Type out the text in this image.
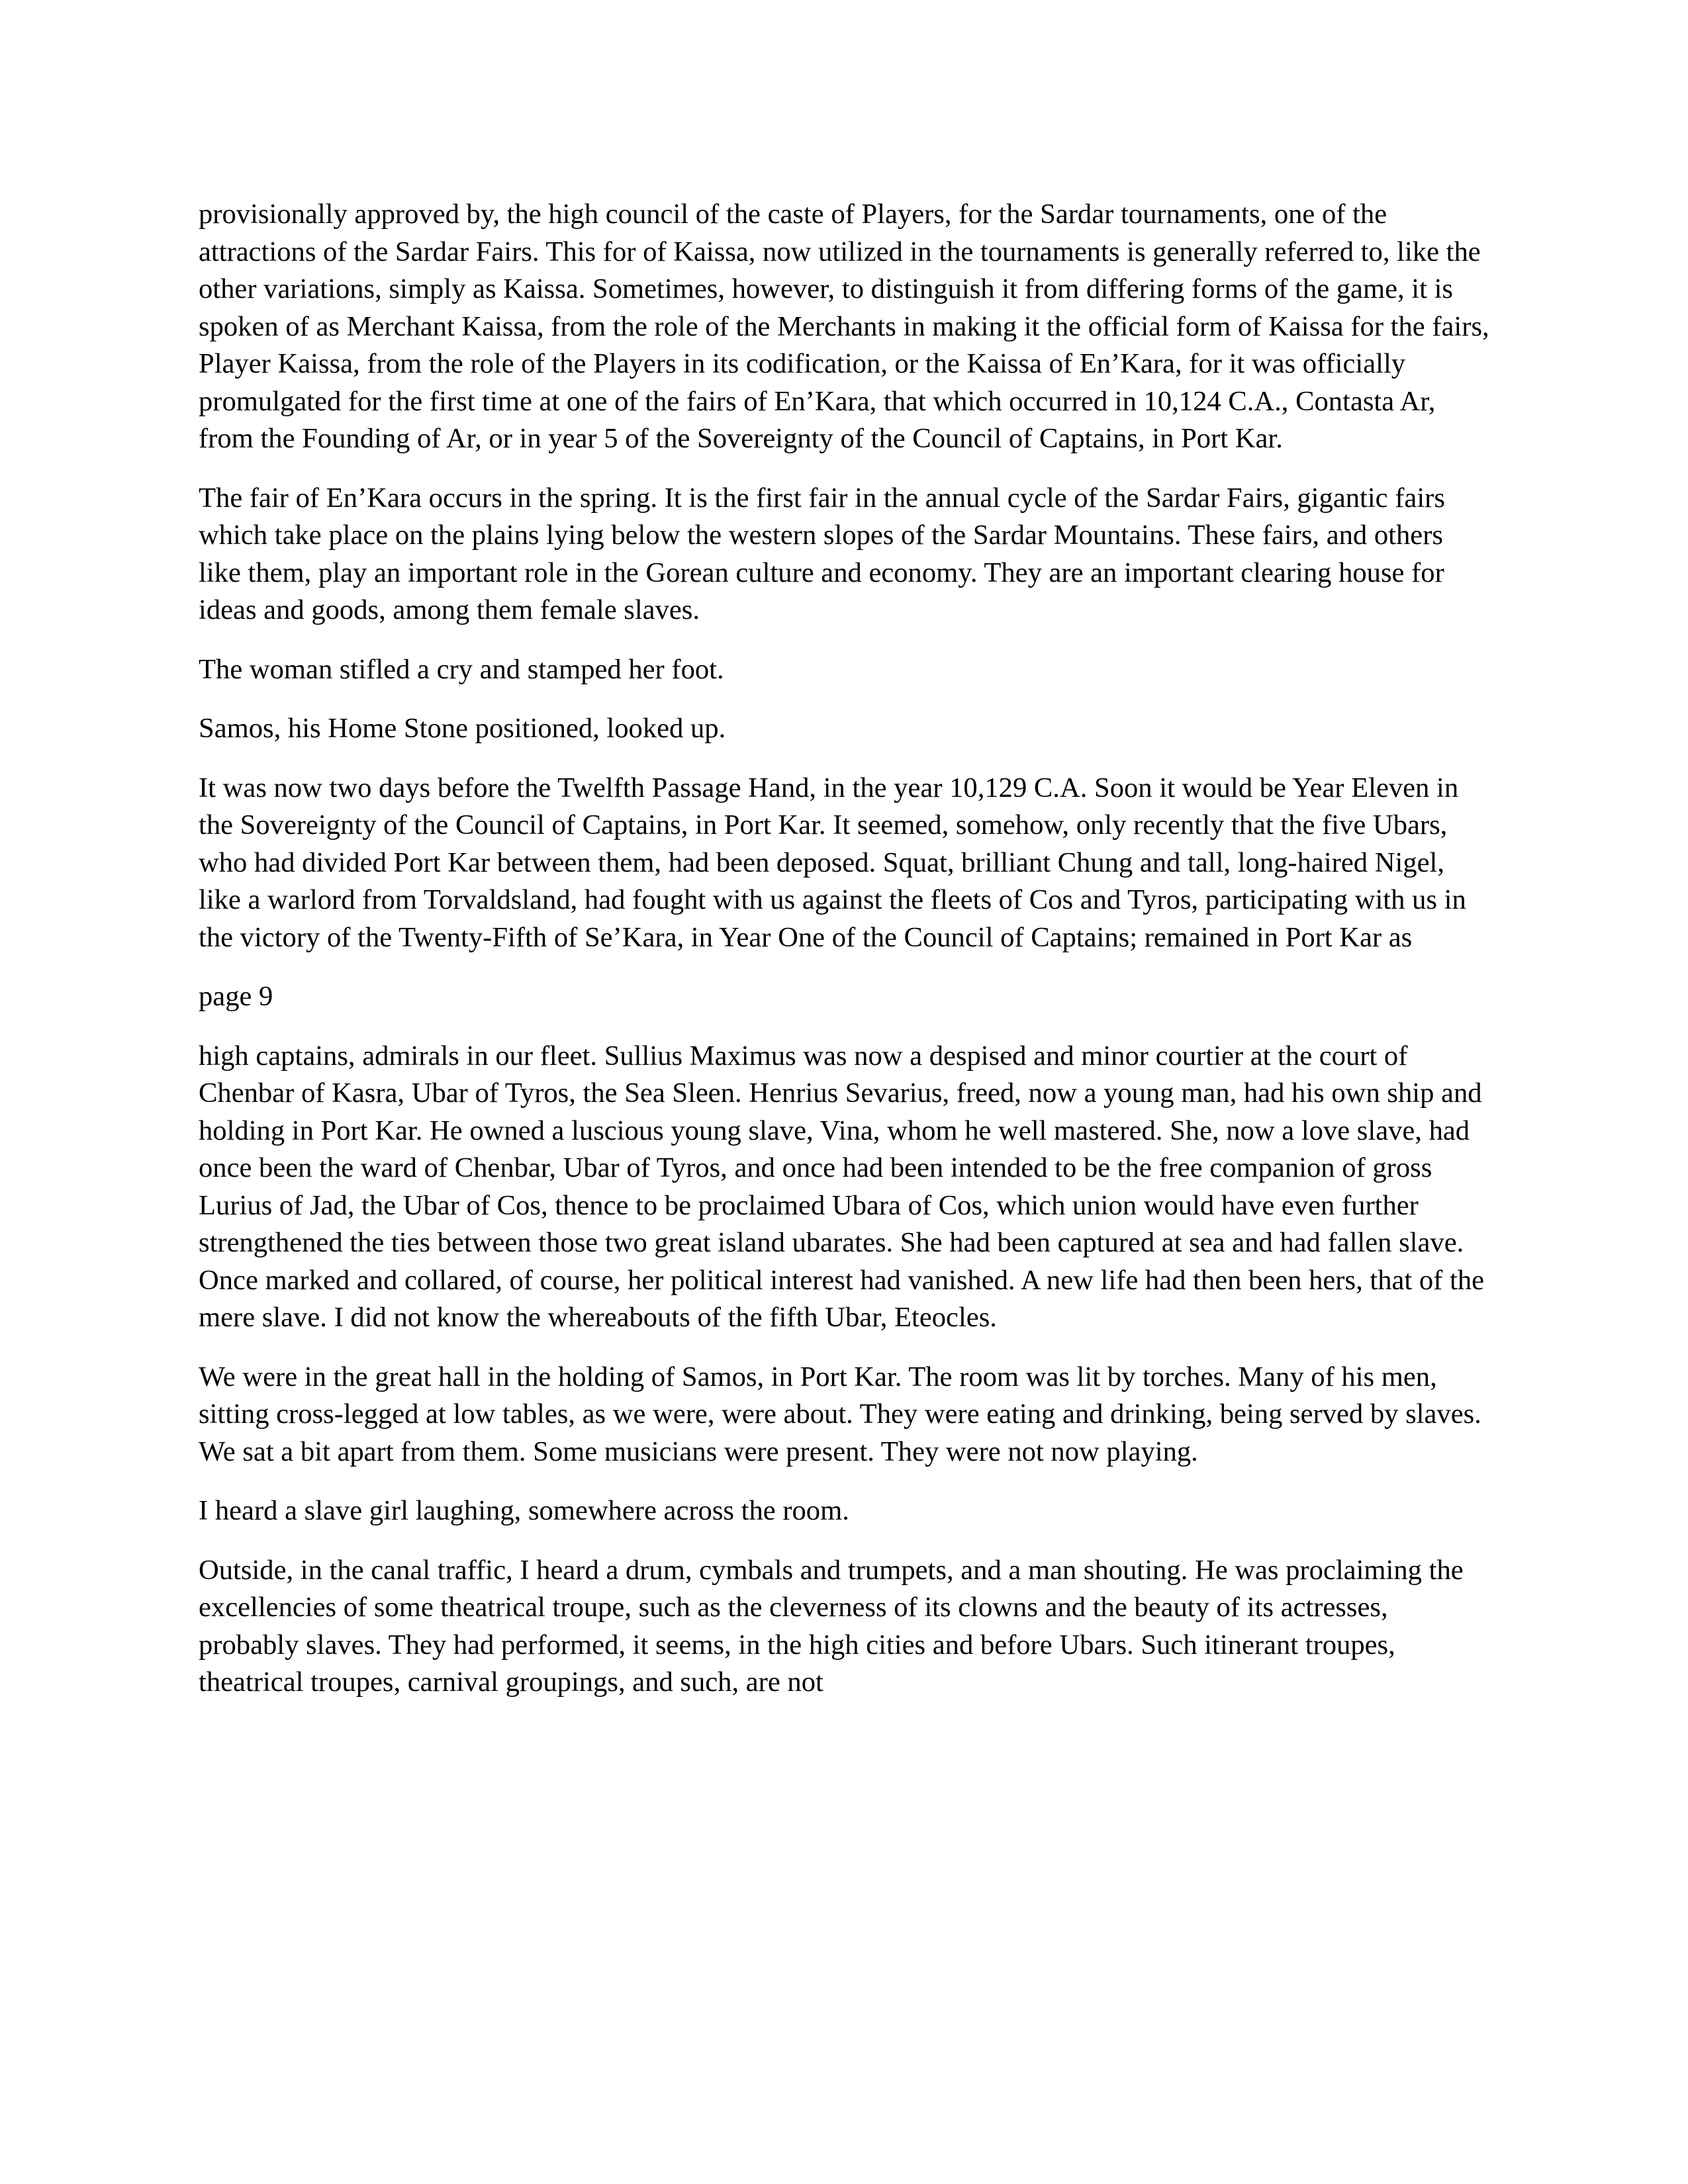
provisionally approved by, the high council of the caste of Players, for the Sardar tournaments, one of the attractions of the Sardar Fairs. This for of Kaissa, now utilized in the tournaments is generally referred to, like the other variations, simply as Kaissa. Sometimes, however, to distinguish it from differing forms of the game, it is spoken of as Merchant Kaissa, from the role of the Merchants in making it the official form of Kaissa for the fairs, Player Kaissa, from the role of the Players in its codification, or the Kaissa of En’Kara, for it was officially promulgated for the first time at one of the fairs of En’Kara, that which occurred in 10,124 C.A., Contasta Ar, from the Founding of Ar, or in year 5 of the Sovereignty of the Council of Captains, in Port Kar.

The fair of En’Kara occurs in the spring. It is the first fair in the annual cycle of the Sardar Fairs, gigantic fairs which take place on the plains lying below the western slopes of the Sardar Mountains. These fairs, and others like them, play an important role in the Gorean culture and economy. They are an important clearing house for ideas and goods, among them female slaves.

The woman stifled a cry and stamped her foot.

Samos, his Home Stone positioned, looked up.

It was now two days before the Twelfth Passage Hand, in the year 10,129 C.A. Soon it would be Year Eleven in the Sovereignty of the Council of Captains, in Port Kar. It seemed, somehow, only recently that the five Ubars, who had divided Port Kar between them, had been deposed. Squat, brilliant Chung and tall, long-haired Nigel, like a warlord from Torvaldsland, had fought with us against the fleets of Cos and Tyros, participating with us in the victory of the Twenty-Fifth of Se’Kara, in Year One of the Council of Captains; remained in Port Kar as

page 9

high captains, admirals in our fleet. Sullius Maximus was now a despised and minor courtier at the court of Chenbar of Kasra, Ubar of Tyros, the Sea Sleen. Henrius Sevarius, freed, now a young man, had his own ship and holding in Port Kar. He owned a luscious young slave, Vina, whom he well mastered. She, now a love slave, had once been the ward of Chenbar, Ubar of Tyros, and once had been intended to be the free companion of gross Lurius of Jad, the Ubar of Cos, thence to be proclaimed Ubara of Cos, which union would have even further strengthened the ties between those two great island ubarates. She had been captured at sea and had fallen slave. Once marked and collared, of course, her political interest had vanished. A new life had then been hers, that of the mere slave. I did not know the whereabouts of the fifth Ubar, Eteocles.

We were in the great hall in the holding of Samos, in Port Kar. The room was lit by torches. Many of his men, sitting cross-legged at low tables, as we were, were about. They were eating and drinking, being served by slaves. We sat a bit apart from them. Some musicians were present. They were not now playing.

I heard a slave girl laughing, somewhere across the room.

Outside, in the canal traffic, I heard a drum, cymbals and trumpets, and a man shouting. He was proclaiming the excellencies of some theatrical troupe, such as the cleverness of its clowns and the beauty of its actresses, probably slaves. They had performed, it seems, in the high cities and before Ubars. Such itinerant troupes, theatrical troupes, carnival groupings, and such, are not
